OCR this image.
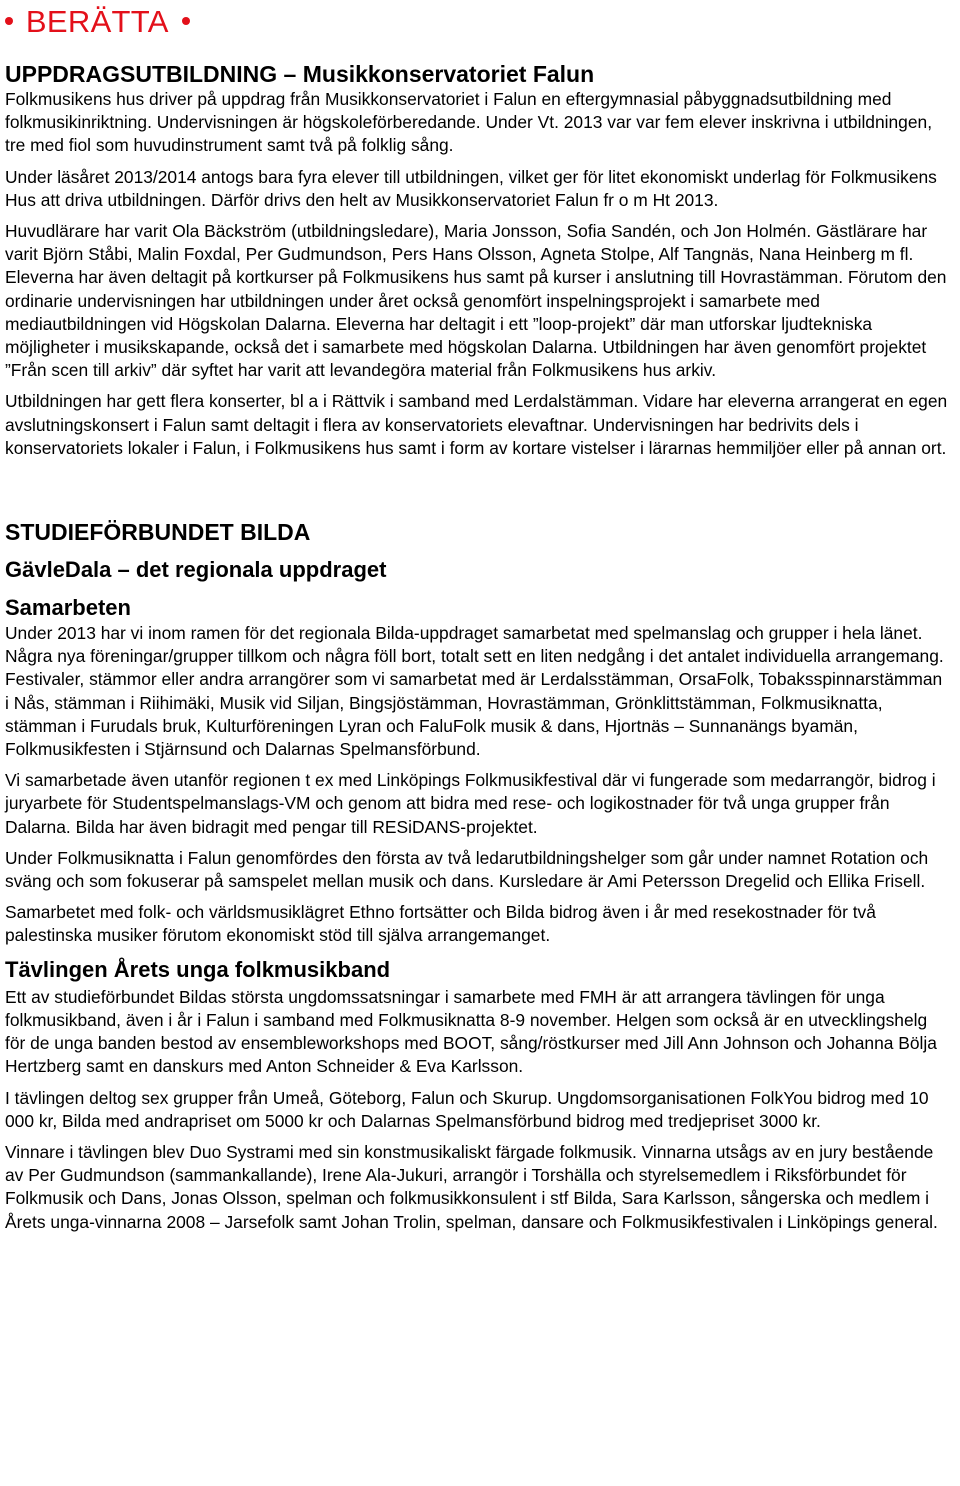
BERÄTTA
UPPDRAGSUTBILDNING – Musikkonservatoriet Falun

Folkmusikens hus driver på uppdrag från Musikkonservatoriet i Falun en eftergymnasial påbyggnadsutbildning med folkmusikinriktning. Undervisningen är högskoleförberedande. Under Vt. 2013 var var fem elever inskrivna i utbildningen, tre med fiol som huvudinstrument samt två på folklig sång.

Under läsåret 2013/2014 antogs bara fyra elever till utbildningen, vilket ger för litet ekonomiskt underlag för Folkmusikens Hus att driva utbildningen. Därför drivs den helt av Musikkonservatoriet Falun fr o m Ht 2013.

Huvudlärare har varit Ola Bäckström (utbildningsledare), Maria Jonsson, Sofia Sandén, och Jon Holmén. Gästlärare har varit Björn Ståbi, Malin Foxdal, Per Gudmundson, Pers Hans Olsson, Agneta Stolpe, Alf Tangnäs, Nana Heinberg m fl. Eleverna har även deltagit på kortkurser på Folkmusikens hus samt på kurser i anslutning till Hovrastämman. Förutom den ordinarie undervisningen har utbildningen under året också genomfört inspelningsprojekt i samarbete med mediautbildningen vid Högskolan Dalarna. Eleverna har deltagit i ett ”loop-projekt” där man utforskar ljudtekniska möjligheter i musikskapande, också det i samarbete med högskolan Dalarna. Utbildningen har även genomfört projektet ”Från scen till arkiv” där syftet har varit att levandegöra material från Folkmusikens hus arkiv.

Utbildningen har gett flera konserter, bl a i Rättvik i samband med Lerdalstämman. Vidare har eleverna arrangerat en egen avslutningskonsert i Falun samt deltagit i flera av konservatoriets elevaftnar. Undervisningen har bedrivits dels i konservatoriets lokaler i Falun, i Folkmusikens hus samt i form av kortare vistelser i lärarnas hemmiljöer eller på annan ort.

STUDIEFÖRBUNDET BILDA
GävleDala – det regionala uppdraget
Samarbeten

Under 2013 har vi inom ramen för det regionala Bilda-uppdraget samarbetat med spelmanslag och grupper i hela länet. Några nya föreningar/grupper tillkom och några föll bort, totalt sett en liten nedgång i det antalet individuella arrangemang. Festivaler, stämmor eller andra arrangörer som vi samarbetat med är Lerdalsstämman, OrsaFolk, Tobaksspinnarstämman i Nås, stämman i Riihimäki, Musik vid Siljan, Bingsjöstämman, Hovrastämman, Grönklittstämman, Folkmusiknatta, stämman i Furudals bruk, Kulturföreningen Lyran och FaluFolk musik & dans, Hjortnäs – Sunnanängs byamän, Folkmusikfesten i Stjärnsund och Dalarnas Spelmansförbund.

Vi samarbetade även utanför regionen t ex med Linköpings Folkmusikfestival där vi fungerade som medarrangör, bidrog i juryarbete för Studentspelmanslags-VM och genom att bidra med rese- och logikostnader för två unga grupper från Dalarna. Bilda har även bidragit med pengar till RESiDANS-projektet.

Under Folkmusiknatta i Falun genomfördes den första av två ledarutbildningshelger som går under namnet Rotation och sväng och som fokuserar på samspelet mellan musik och dans. Kursledare är Ami Petersson Dregelid och Ellika Frisell.

Samarbetet med folk- och världsmusiklägret Ethno fortsätter och Bilda bidrog även i år med resekostnader för två palestinska musiker förutom ekonomiskt stöd till själva arrangemanget.

Tävlingen Årets unga folkmusikband

Ett av studieförbundet Bildas största ungdomssatsningar i samarbete med FMH är att arrangera tävlingen för unga folkmusikband, även i år i Falun i samband med Folkmusiknatta 8-9 november. Helgen som också är en utvecklingshelg för de unga banden bestod av ensembleworkshops med BOOT, sång/röstkurser med Jill Ann Johnson och Johanna Bölja Hertzberg samt en danskurs med Anton Schneider & Eva Karlsson.

I tävlingen deltog sex grupper från Umeå, Göteborg, Falun och Skurup. Ungdomsorganisationen FolkYou bidrog med 10 000 kr, Bilda med andrapriset om 5000 kr och Dalarnas Spelmansförbund bidrog med tredjepriset 3000 kr.

Vinnare i tävlingen blev Duo Systrami med sin konstmusikaliskt färgade folkmusik. Vinnarna utsågs av en jury bestående av Per Gudmundson (sammankallande), Irene Ala-Jukuri, arrangör i Torshälla och styrelsemedlem i Riksförbundet för Folkmusik och Dans, Jonas Olsson, spelman och folkmusikkonsulent i stf Bilda, Sara Karlsson, sångerska och medlem i Årets unga-vinnarna 2008 – Jarsefolk samt Johan Trolin, spelman, dansare och Folkmusikfestivalen i Linköpings general.
